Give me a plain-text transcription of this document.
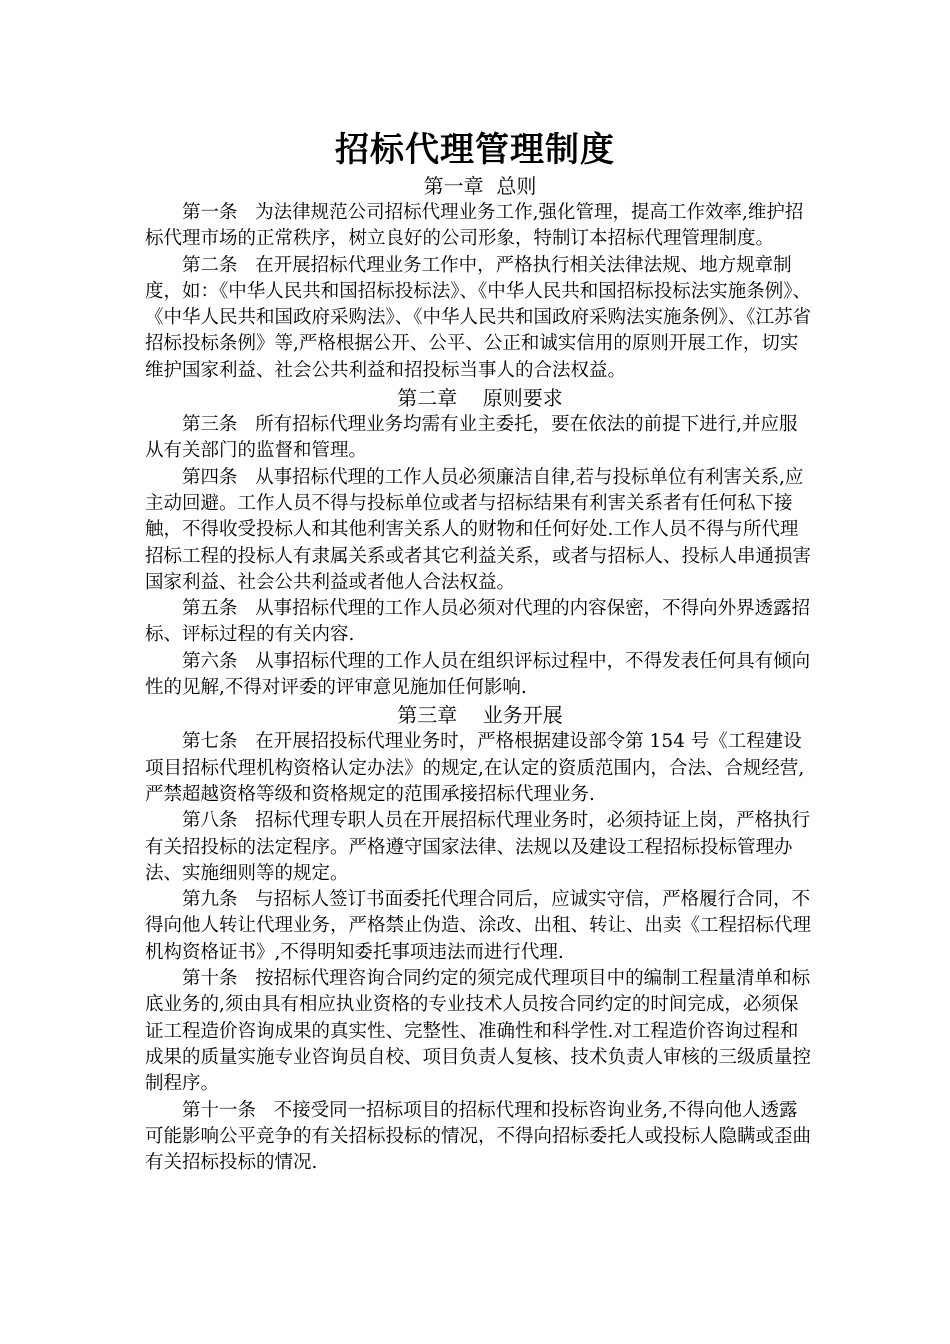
招标代理管理制度
第一章  总则

第一条 为法律规范公司招标代理业务工作,强化管理，提高工作效率,维护招标代理市场的正常秩序，树立良好的公司形象，特制订本招标代理管理制度。

第二条 在开展招标代理业务工作中，严格执行相关法律法规、地方规章制度，如：《中华人民共和国招标投标法》、《中华人民共和国招标投标法实施条例》、《中华人民共和国政府采购法》、《中华人民共和国政府采购法实施条例》、《江苏省招标投标条例》等,严格根据公开、公平、公正和诚实信用的原则开展工作，切实维护国家利益、社会公共利益和招投标当事人的合法权益。

第二章    原则要求

第三条 所有招标代理业务均需有业主委托，要在依法的前提下进行,并应服从有关部门的监督和管理。

第四条 从事招标代理的工作人员必须廉洁自律,若与投标单位有利害关系,应主动回避。工作人员不得与投标单位或者与招标结果有利害关系者有任何私下接触，不得收受投标人和其他利害关系人的财物和任何好处.工作人员不得与所代理招标工程的投标人有隶属关系或者其它利益关系，或者与招标人、投标人串通损害国家利益、社会公共利益或者他人合法权益。

第五条 从事招标代理的工作人员必须对代理的内容保密，不得向外界透露招标、评标过程的有关内容.

第六条 从事招标代理的工作人员在组织评标过程中，不得发表任何具有倾向性的见解,不得对评委的评审意见施加任何影响.

第三章    业务开展

第七条 在开展招投标代理业务时，严格根据建设部令第 154 号《工程建设项目招标代理机构资格认定办法》的规定,在认定的资质范围内，合法、合规经营,严禁超越资格等级和资格规定的范围承接招标代理业务.

第八条 招标代理专职人员在开展招标代理业务时，必须持证上岗，严格执行有关招投标的法定程序。严格遵守国家法律、法规以及建设工程招标投标管理办法、实施细则等的规定。

第九条 与招标人签订书面委托代理合同后，应诚实守信，严格履行合同，不得向他人转让代理业务，严格禁止伪造、涂改、出租、转让、出卖《工程招标代理机构资格证书》,不得明知委托事项违法而进行代理.

第十条 按招标代理咨询合同约定的须完成代理项目中的编制工程量清单和标底业务的,须由具有相应执业资格的专业技术人员按合同约定的时间完成，必须保证工程造价咨询成果的真实性、完整性、准确性和科学性.对工程造价咨询过程和成果的质量实施专业咨询员自校、项目负责人复核、技术负责人审核的三级质量控制程序。

第十一条 不接受同一招标项目的招标代理和投标咨询业务,不得向他人透露可能影响公平竞争的有关招标投标的情况，不得向招标委托人或投标人隐瞒或歪曲有关招标投标的情况.
